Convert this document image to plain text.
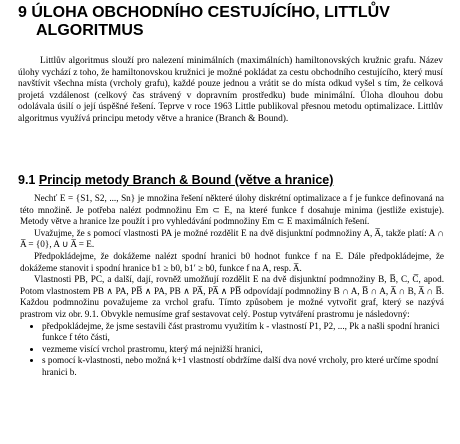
9 ÚLOHA OBCHODNÍHO CESTUJÍCÍHO, LITTLŮV
ALGORITMUS

Littlův algoritmus slouží pro nalezení minimálních (maximálních) hamiltonovských kružnic grafu. Název úlohy vychází z toho, že hamiltonovskou kružnici je možné pokládat za cestu obchodního cestujícího, který musí navštívit všechna místa (vrcholy grafu), každé pouze jednou a vrátit se do místa odkud vyšel s tím, že celková projetá vzdálenost (celkový čas strávený v dopravním prostředku) bude minimální. Úloha dlouhou dobu odolávala úsilí o její úspěšné řešení. Teprve v roce 1963 Little publikoval přesnou metodu optimalizace. Littlův algoritmus využívá principu metody větve a hranice (Branch & Bound).

9.1 Princip metody Branch & Bound (větve a hranice)

Nechť E = {S1, S2, ..., Sn} je množina řešení některé úlohy diskrétní optimalizace a f je funkce definovaná na této množině. Je potřeba nalézt podmnožinu Em ⊂ E, na které funkce f dosahuje minima (jestliže existuje). Metody větve a hranice lze použít i pro vyhledávání podmnožiny Em ⊂ E maximálních řešení.

Uvažujme, že s pomocí vlastnosti PA je možné rozdělit E na dvě disjunktní podmnožiny A, A̅, takže platí: A ∩ A̅ = {0}, A ∪ A̅ = E.

Předpokládejme, že dokážeme nalézt spodní hranici b0 hodnot funkce f na E. Dále předpokládejme, že dokážeme stanovit i spodní hranice b1 ≥ b0, b1′ ≥ b0, funkce f na A, resp. A̅.

Vlastnosti PB, PC, a další, dají, rovněž umožňují rozdělit E na dvě disjunktní podmnožiny B, B̅, C, C̅, apod. Potom vlastnostem PB ∧ PA, PB̅ ∧ PA, PB ∧ PA̅, PA̅ ∧ PB̅ odpovídají podmnožiny B ∩ A, B̅ ∩ A, A̅ ∩ B, A̅ ∩ B̅. Každou podmnožinu považujeme za vrchol grafu. Tímto způsobem je možné vytvořit graf, který se nazývá prastrom viz obr. 9.1. Obvykle nemusíme graf sestavovat celý. Postup vytváření prastromu je následovný:

• předpokládejme, že jsme sestavili část prastromu využitím k - vlastností P1, P2, ..., Pk a našli spodní hranici funkce f této části,
• vezmeme visící vrchol prastromu, který má nejnižší hranici,
• s pomocí k-vlastnosti, nebo možná k+1 vlastností obdržíme další dva nové vrcholy, pro které určíme spodní hranici b.
